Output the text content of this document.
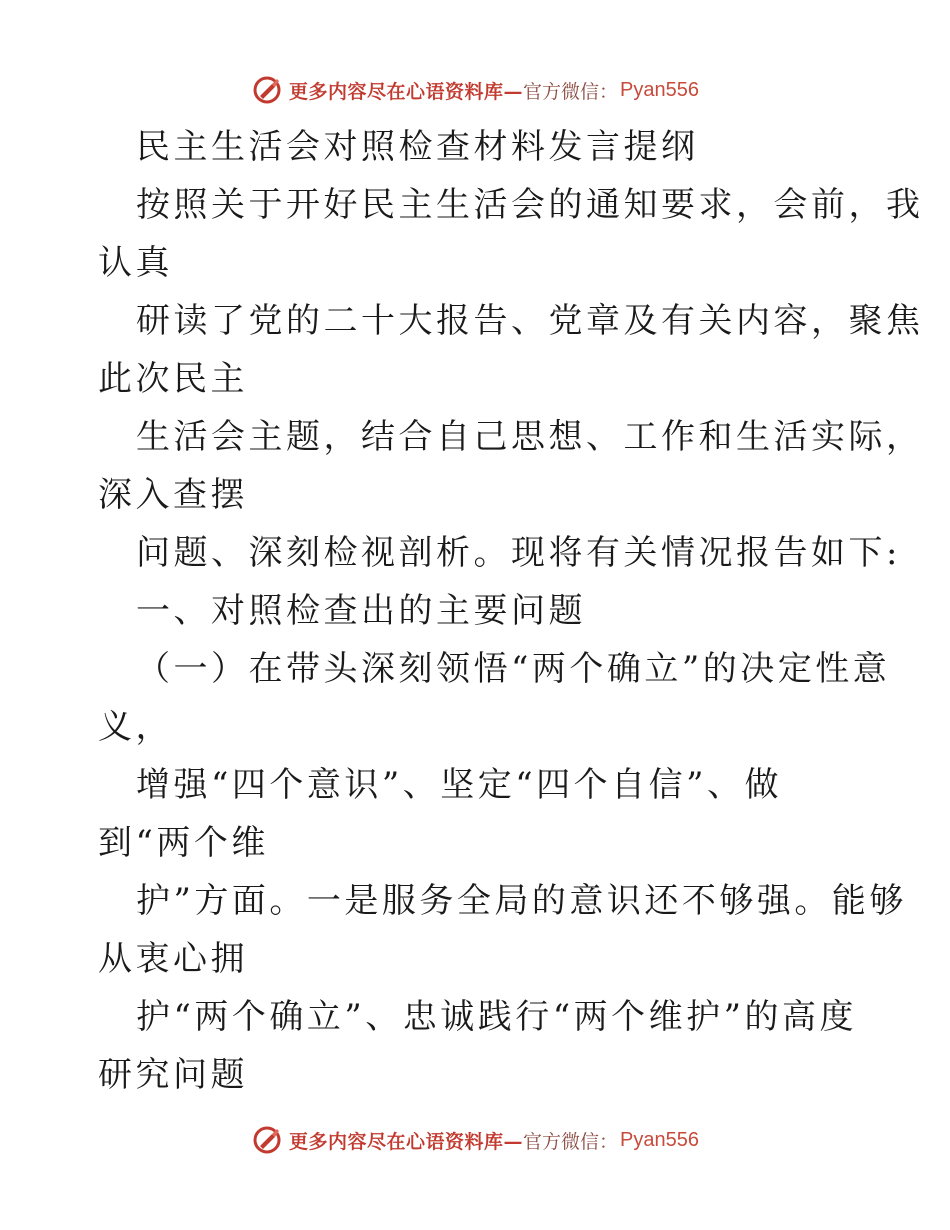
更多内容尽在心语资料库— 官方微信： Pyan556
民主生活会对照检查材料发言提纲
按照关于开好民主生活会的通知要求，会前，我
认真
研读了党的二十大报告、党章及有关内容，聚焦
此次民主
生活会主题，结合自己思想、工作和生活实际，
深入查摆
问题、深刻检视剖析。现将有关情况报告如下:
一、对照检查出的主要问题
（一）在带头深刻领悟“两个确立”的决定性意
义，
增强“四个意识”、坚定“四个自信”、做
到“两个维
护”方面。一是服务全局的意识还不够强。能够
从衷心拥
护“两个确立”、忠诚践行“两个维护”的高度
研究问题
更多内容尽在心语资料库— 官方微信： Pyan556
